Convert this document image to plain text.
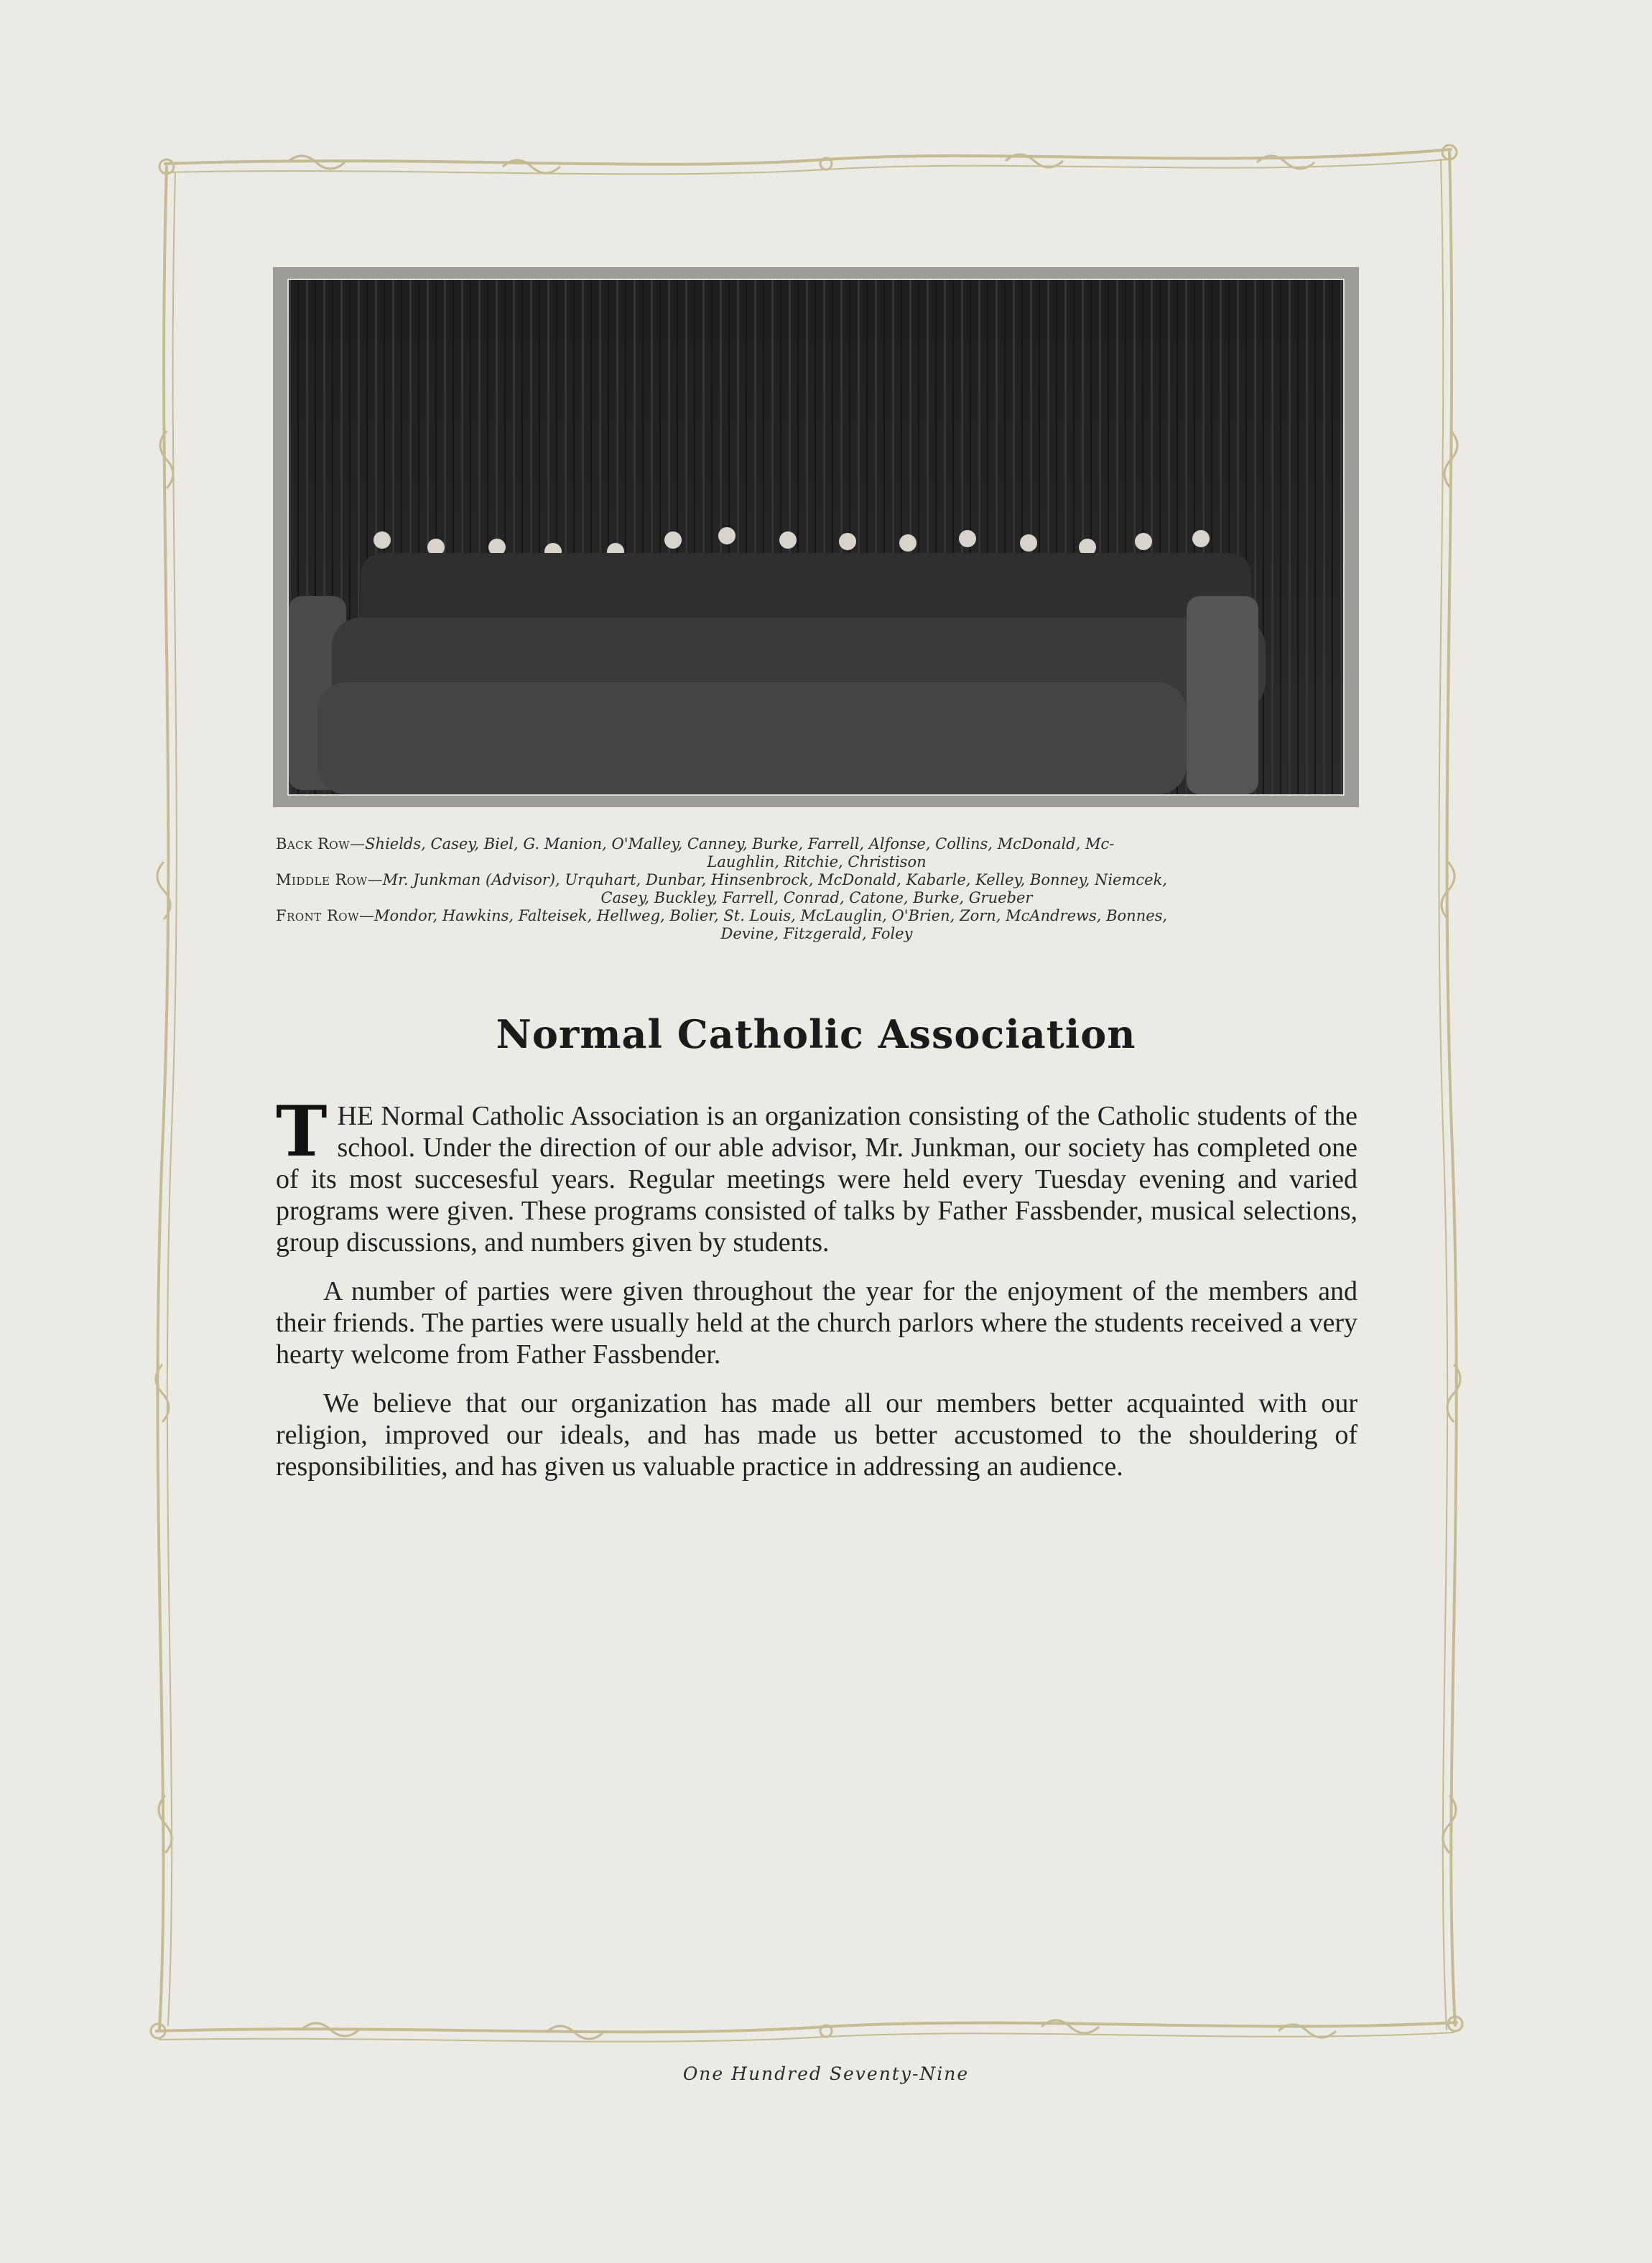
Back Row—Shields, Casey, Biel, G. Manion, O'Malley, Canney, Burke, Farrell, Alfonse, Collins, McDonald, Mc-
Laughlin, Ritchie, Christison
Middle Row—Mr. Junkman (Advisor), Urquhart, Dunbar, Hinsenbrock, McDonald, Kabarle, Kelley, Bonney, Niemcek,
Casey, Buckley, Farrell, Conrad, Catone, Burke, Grueber
Front Row—Mondor, Hawkins, Falteisek, Hellweg, Bolier, St. Louis, McLauglin, O'Brien, Zorn, McAndrews, Bonnes,
Devine, Fitzgerald, Foley
Normal Catholic Association

THE Normal Catholic Association is an organization consisting of the Catholic students of the school. Under the direction of our able advisor, Mr. Junkman, our society has completed one of its most succesesful years. Regular meetings were held every Tuesday evening and varied programs were given. These programs consisted of talks by Father Fassbender, musical selections, group discussions, and numbers given by students.

A number of parties were given throughout the year for the enjoyment of the members and their friends. The parties were usually held at the church parlors where the students received a very hearty welcome from Father Fassbender.

We believe that our organization has made all our members better acquainted with our religion, improved our ideals, and has made us better accustomed to the shouldering of responsibilities, and has given us valuable practice in addressing an audience.

One Hundred Seventy-Nine
